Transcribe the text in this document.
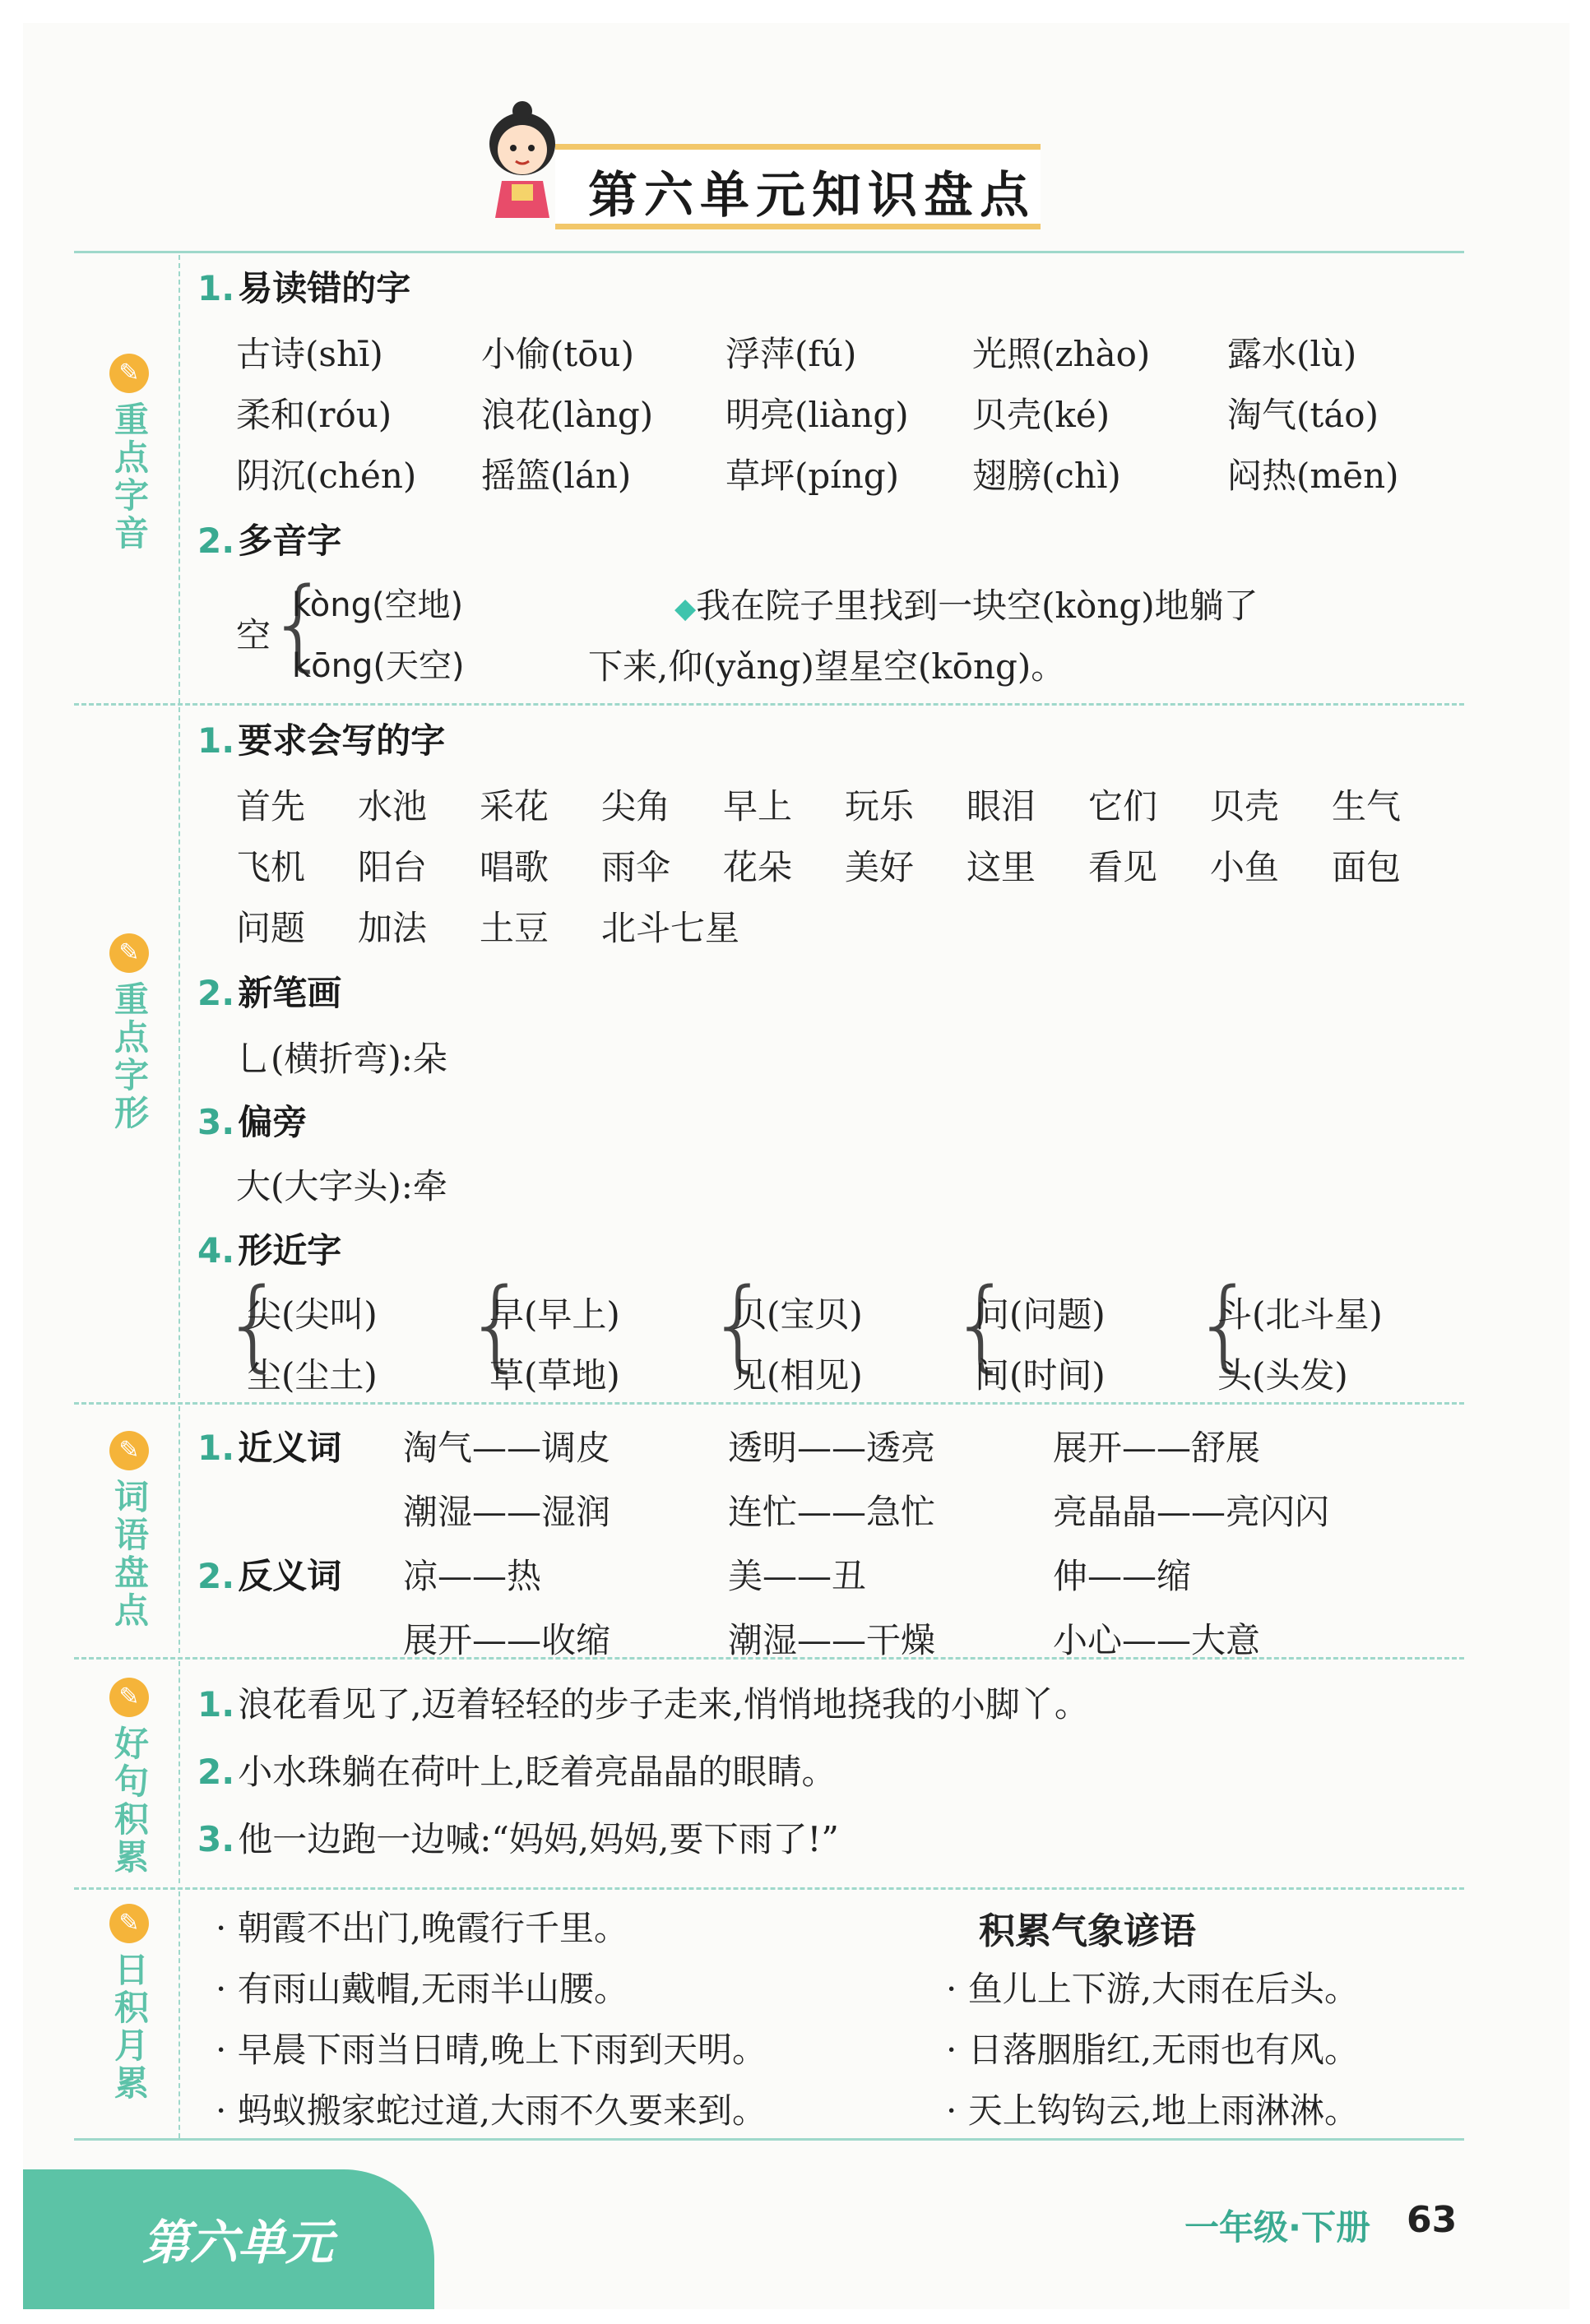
第六单元知识盘点
✎
重点字音
1.易读错的字
古诗(shī)	小偷(tōu)	浮萍(fú)	光照(zhào) 露水(lù)
柔和(róu)	浪花(làng) 明亮(liàng) 贝壳(ké)	淘气(táo)
阴沉(chén) 摇篮(lán)	草坪(píng) 翅膀(chì)	闷热(mēn)
2.多音字
空
{
kòng(空地)
kōng(天空)
◆我在院子里找到一块空(kòng)地躺了
下来,仰(yǎng)望星空(kōng)。
✎
重点字形
1.要求会写的字
首先 水池 采花 尖角 早上 玩乐 眼泪 它们 贝壳 生气
飞机 阳台 唱歌 雨伞 花朵 美好 这里 看见 小鱼 面包
问题 加法 土豆 北斗七星
2.新笔画
乚(横折弯):朵
3.偏旁
大(大字头):牵
4.形近字
{
尖(尖叫)
尘(尘土) {
早(早上)
草(草地) {
贝(宝贝)
见(相见) {
问(问题)
间(时间) {
斗(北斗星)
头(头发)
✎
词语盘点
1.近义词 淘气——调皮	透明——透亮	展开——舒展
潮湿——湿润	连忙——急忙	亮晶晶——亮闪闪
2.反义词 凉——热	美——丑	伸——缩
展开——收缩	潮湿——干燥	小心——大意
✎
好句积累
1.浪花看见了,迈着轻轻的步子走来,悄悄地挠我的小脚丫。
2.小水珠躺在荷叶上,眨着亮晶晶的眼睛。
3.他一边跑一边喊:“妈妈,妈妈,要下雨了!”
✎
日积月累
· 朝霞不出门,晚霞行千里。
· 有雨山戴帽,无雨半山腰。
· 早晨下雨当日晴,晚上下雨到天明。
· 蚂蚁搬家蛇过道,大雨不久要来到。
积累气象谚语
· 鱼儿上下游,大雨在后头。
· 日落胭脂红,无雨也有风。
· 天上钩钩云,地上雨淋淋。
第六单元	一年级·下册 63
